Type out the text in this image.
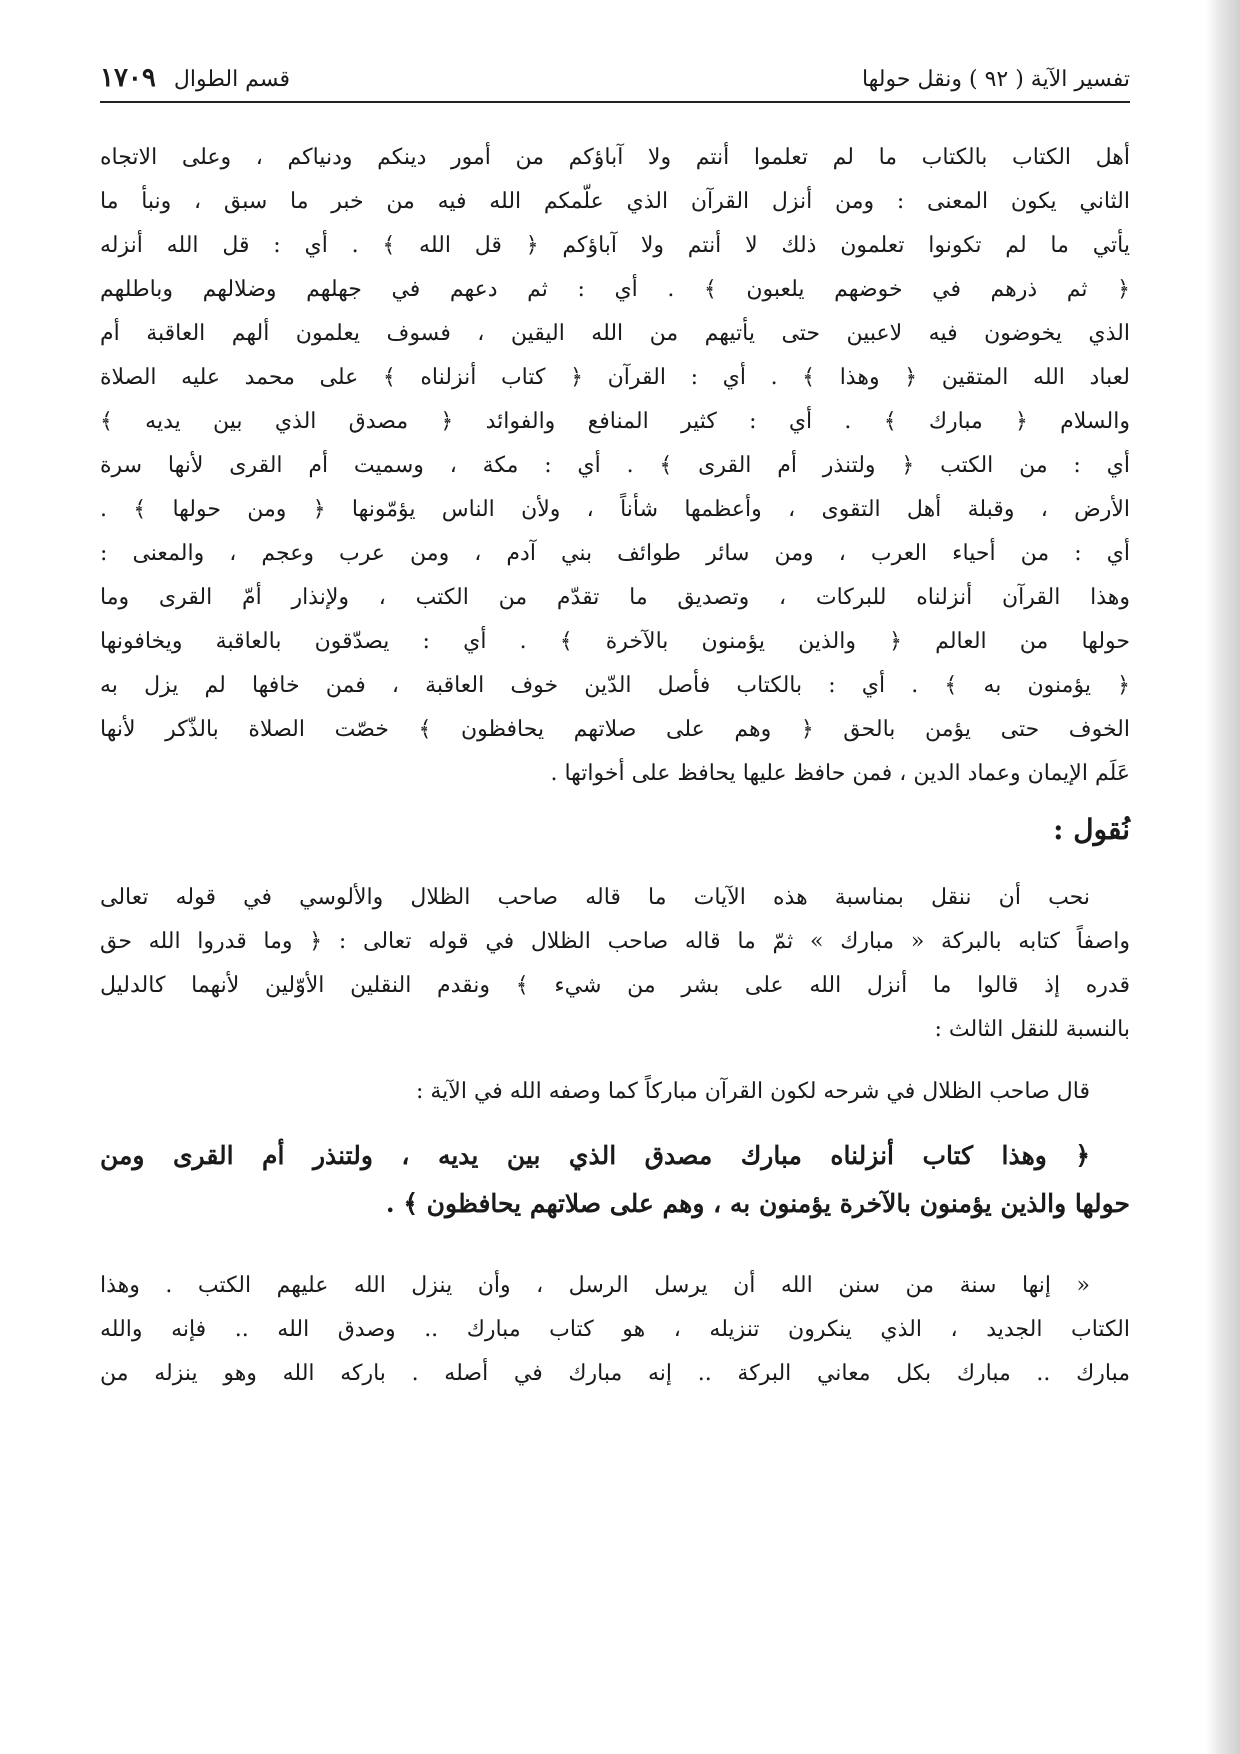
تفسير الآية ( ٩٢ ) ونقل حولها
قسم الطوال
١٧٠٩
أهل الكتاب بالكتاب ما لم تعلموا أنتم ولا آباؤكم من أمور دينكم ودنياكم ، وعلى الاتجاه
الثاني يكون المعنى : ومن أنزل القرآن الذي علّمكم الله فيه من خبر ما سبق ، ونبأ ما
يأتي ما لم تكونوا تعلمون ذلك لا أنتم ولا آباؤكم ﴿ قل الله ﴾ . أي : قل الله أنزله
﴿ ثم ذرهم في خوضهم يلعبون ﴾ . أي : ثم دعهم في جهلهم وضلالهم وباطلهم
الذي يخوضون فيه لاعبين حتى يأتيهم من الله اليقين ، فسوف يعلمون ألهم العاقبة أم
لعباد الله المتقين ﴿ وهذا ﴾ . أي : القرآن ﴿ كتاب أنزلناه ﴾ على محمد عليه الصلاة
والسلام ﴿ مبارك ﴾ . أي : كثير المنافع والفوائد ﴿ مصدق الذي بين يديه ﴾
أي : من الكتب ﴿ ولتنذر أم القرى ﴾ . أي : مكة ، وسميت أم القرى لأنها سرة
الأرض ، وقبلة أهل التقوى ، وأعظمها شأناً ، ولأن الناس يؤمّونها ﴿ ومن حولها ﴾ .
أي : من أحياء العرب ، ومن سائر طوائف بني آدم ، ومن عرب وعجم ، والمعنى :
وهذا القرآن أنزلناه للبركات ، وتصديق ما تقدّم من الكتب ، ولإنذار أمّ القرى وما
حولها من العالم ﴿ والذين يؤمنون بالآخرة ﴾ . أي : يصدّقون بالعاقبة ويخافونها
﴿ يؤمنون به ﴾ . أي : بالكتاب فأصل الدّين خوف العاقبة ، فمن خافها لم يزل به
الخوف حتى يؤمن بالحق ﴿ وهم على صلاتهم يحافظون ﴾ خصّت الصلاة بالذّكر لأنها
عَلَم الإيمان وعماد الدين ، فمن حافظ عليها يحافظ على أخواتها .
نُقول :
نحب أن ننقل بمناسبة هذه الآيات ما قاله صاحب الظلال والألوسي في قوله تعالى
واصفاً كتابه بالبركة « مبارك » ثمّ ما قاله صاحب الظلال في قوله تعالى : ﴿ وما قدروا الله حق
قدره إذ قالوا ما أنزل الله على بشر من شيء ﴾ ونقدم النقلين الأوّلين لأنهما كالدليل
بالنسبة للنقل الثالث :
قال صاحب الظلال في شرحه لكون القرآن مباركاً كما وصفه الله في الآية :
﴿ وهذا كتاب أنزلناه مبارك مصدق الذي بين يديه ، ولتنذر أم القرى ومن
حولها والذين يؤمنون بالآخرة يؤمنون به ، وهم على صلاتهم يحافظون ﴾ .
« إنها سنة من سنن الله أن يرسل الرسل ، وأن ينزل الله عليهم الكتب . وهذا
الكتاب الجديد ، الذي ينكرون تنزيله ، هو كتاب مبارك .. وصدق الله .. فإنه والله
مبارك .. مبارك بكل معاني البركة .. إنه مبارك في أصله . باركه الله وهو ينزله من
